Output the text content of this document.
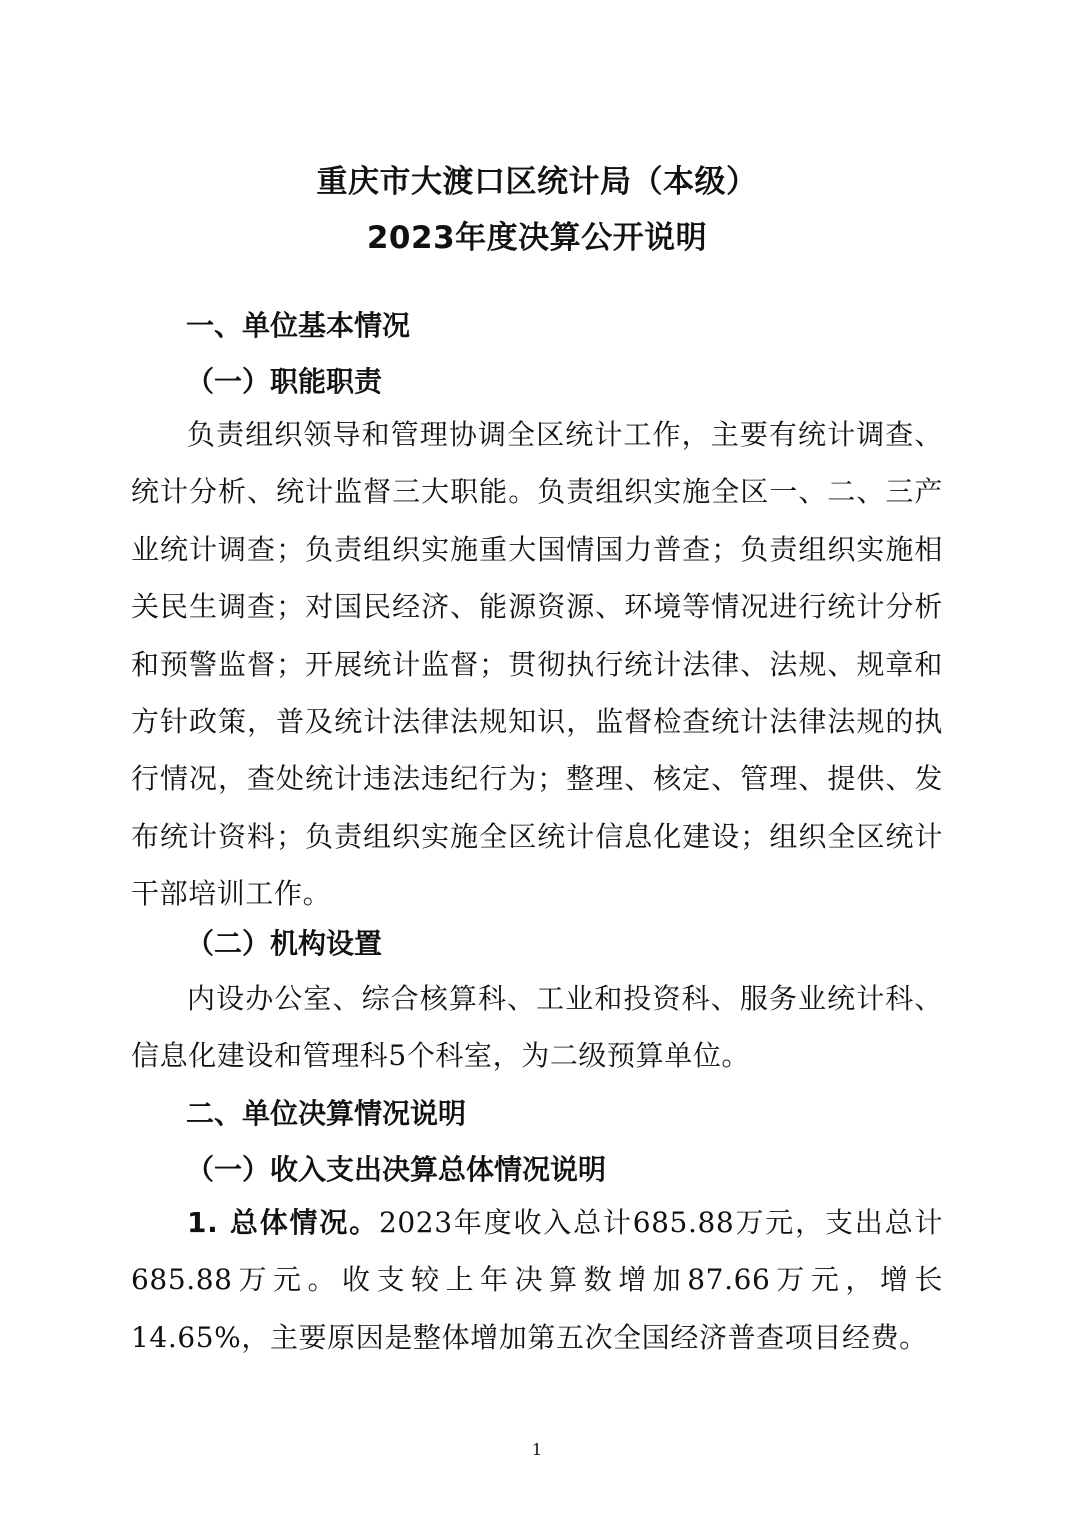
重庆市大渡口区统计局（本级）
2023年度决算公开说明
一、单位基本情况
（一）职能职责
负责组织领导和管理协调全区统计工作，主要有统计调查、统计分析、统计监督三大职能。负责组织实施全区一、二、三产业统计调查；负责组织实施重大国情国力普查；负责组织实施相关民生调查；对国民经济、能源资源、环境等情况进行统计分析和预警监督；开展统计监督；贯彻执行统计法律、法规、规章和方针政策，普及统计法律法规知识，监督检查统计法律法规的执行情况，查处统计违法违纪行为；整理、核定、管理、提供、发布统计资料；负责组织实施全区统计信息化建设；组织全区统计干部培训工作。
（二）机构设置
内设办公室、综合核算科、工业和投资科、服务业统计科、信息化建设和管理科5个科室，为二级预算单位。
二、单位决算情况说明
（一）收入支出决算总体情况说明
1. 总体情况。2023年度收入总计685.88万元，支出总计685.88万元。收支较上年决算数增加87.66万元，增长14.65%，主要原因是整体增加第五次全国经济普查项目经费。
1
